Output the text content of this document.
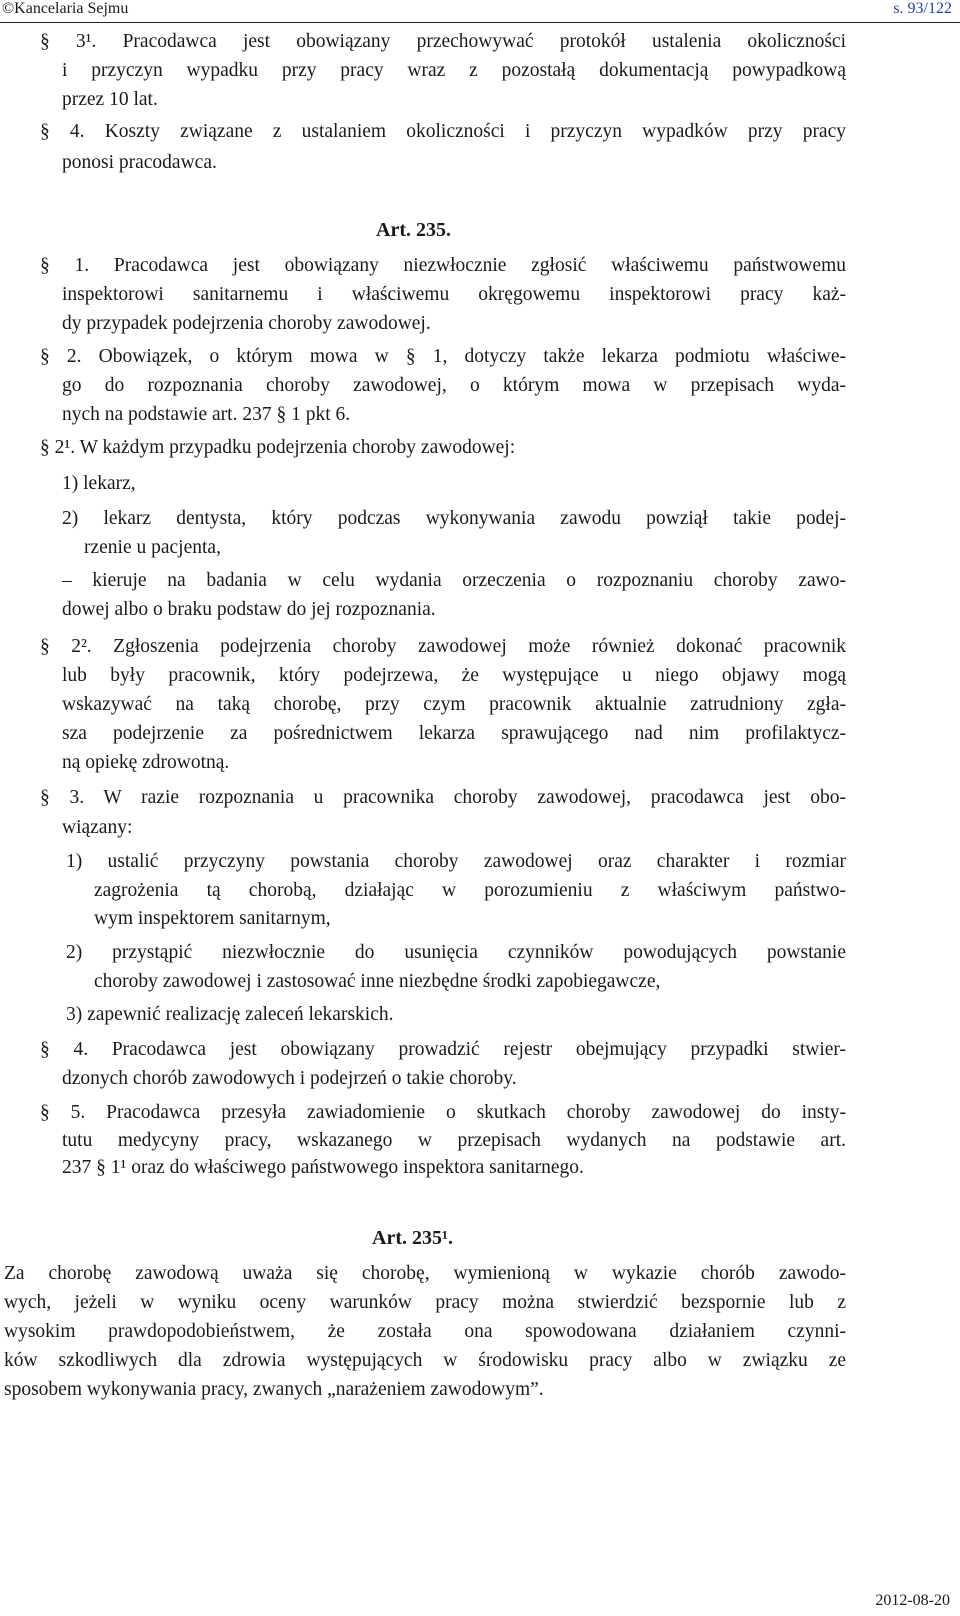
©Kancelaria Sejmu	s. 93/122
§ 3¹. Pracodawca jest obowiązany przechowywać protokół ustalenia okoliczności
i przyczyn wypadku przy pracy wraz z pozostałą dokumentacją powypadkową
przez 10 lat.
§ 4. Koszty związane z ustalaniem okoliczności i przyczyn wypadków przy pracy
ponosi pracodawca.
Art. 235.
§ 1. Pracodawca jest obowiązany niezwłocznie zgłosić właściwemu państwowemu
inspektorowi sanitarnemu i właściwemu okręgowemu inspektorowi pracy każ-
dy przypadek podejrzenia choroby zawodowej.
§ 2. Obowiązek, o którym mowa w § 1, dotyczy także lekarza podmiotu właściwe-
go do rozpoznania choroby zawodowej, o którym mowa w przepisach wyda-
nych na podstawie art. 237 § 1 pkt 6.
§ 2¹. W każdym przypadku podejrzenia choroby zawodowej:
1) lekarz,
2) lekarz dentysta, który podczas wykonywania zawodu powziął takie podej-
rzenie u pacjenta,
– kieruje na badania w celu wydania orzeczenia o rozpoznaniu choroby zawo-
dowej albo o braku podstaw do jej rozpoznania.
§ 2². Zgłoszenia podejrzenia choroby zawodowej może również dokonać pracownik
lub były pracownik, który podejrzewa, że występujące u niego objawy mogą
wskazywać na taką chorobę, przy czym pracownik aktualnie zatrudniony zgła-
sza podejrzenie za pośrednictwem lekarza sprawującego nad nim profilaktycz-
ną opiekę zdrowotną.
§ 3. W razie rozpoznania u pracownika choroby zawodowej, pracodawca jest obo-
wiązany:
1) ustalić przyczyny powstania choroby zawodowej oraz charakter i rozmiar
zagrożenia tą chorobą, działając w porozumieniu z właściwym państwo-
wym inspektorem sanitarnym,
2) przystąpić niezwłocznie do usunięcia czynników powodujących powstanie
choroby zawodowej i zastosować inne niezbędne środki zapobiegawcze,
3) zapewnić realizację zaleceń lekarskich.
§ 4. Pracodawca jest obowiązany prowadzić rejestr obejmujący przypadki stwier-
dzonych chorób zawodowych i podejrzeń o takie choroby.
§ 5. Pracodawca przesyła zawiadomienie o skutkach choroby zawodowej do insty-
tutu medycyny pracy, wskazanego w przepisach wydanych na podstawie art.
237 § 1¹ oraz do właściwego państwowego inspektora sanitarnego.
Art. 235¹.
Za chorobę zawodową uważa się chorobę, wymienioną w wykazie chorób zawodo-
wych, jeżeli w wyniku oceny warunków pracy można stwierdzić bezspornie lub z
wysokim prawdopodobieństwem, że została ona spowodowana działaniem czynni-
ków szkodliwych dla zdrowia występujących w środowisku pracy albo w związku ze
sposobem wykonywania pracy, zwanych „narażeniem zawodowym”.
2012-08-20
